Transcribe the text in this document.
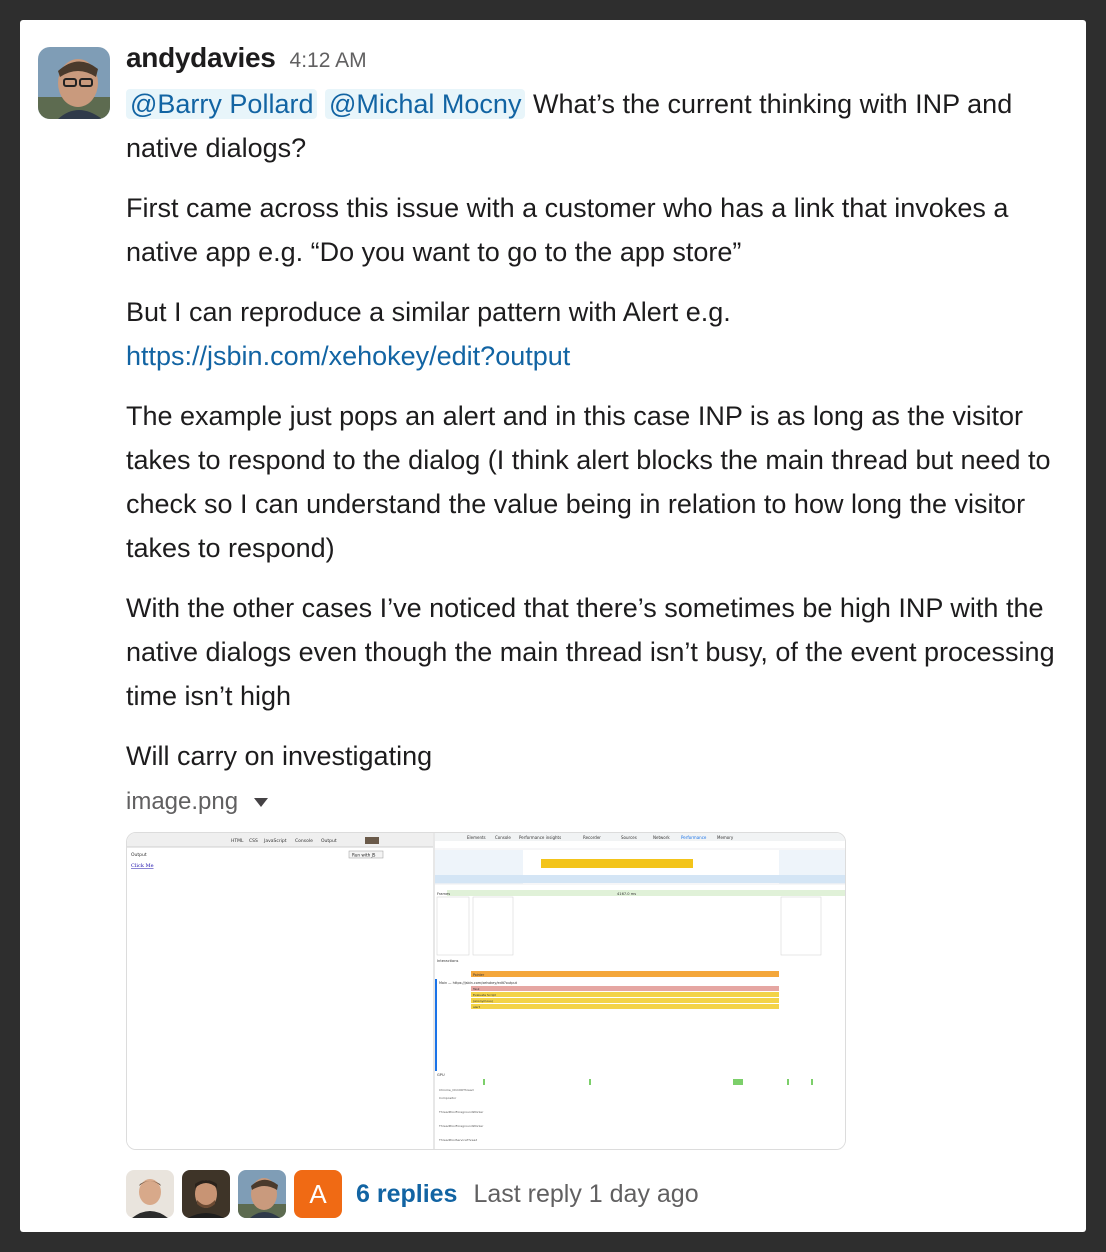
andydavies 4:12 AM

@Barry Pollard @Michal Mocny What’s the current thinking with INP and native dialogs?

First came across this issue with a customer who has a link that invokes a native app e.g. “Do you want to go to the app store”

But I can reproduce a similar pattern with Alert e.g.
https://jsbin.com/xehokey/edit?output

The example just pops an alert and in this case INP is as long as the visitor takes to respond to the dialog (I think alert blocks the main thread but need to check so I can understand the value being in relation to how long the visitor takes to respond)

With the other cases I’ve noticed that there’s sometimes be high INP with the native dialogs even though the main thread isn’t busy, of the event processing time isn’t high

Will carry on investigating

image.png
HTML CSS JavaScript Console Output
Output	Run with JS
Click Me
Elements Console Performance insights	Recorder	Sources	Network	Performance	Memory
Frames	4167.0 ms
Interactions
Pointer
Main — https://jsbin.com/xehokey/edit?output
Task
Evaluate Script
(anonymous)
alert
GPU
Chrome_ChildIOThread
Compositor
ThreadPoolForegroundWorker
ThreadPoolForegroundWorker
ThreadPoolServiceThread
A	6 replies Last reply 1 day ago
